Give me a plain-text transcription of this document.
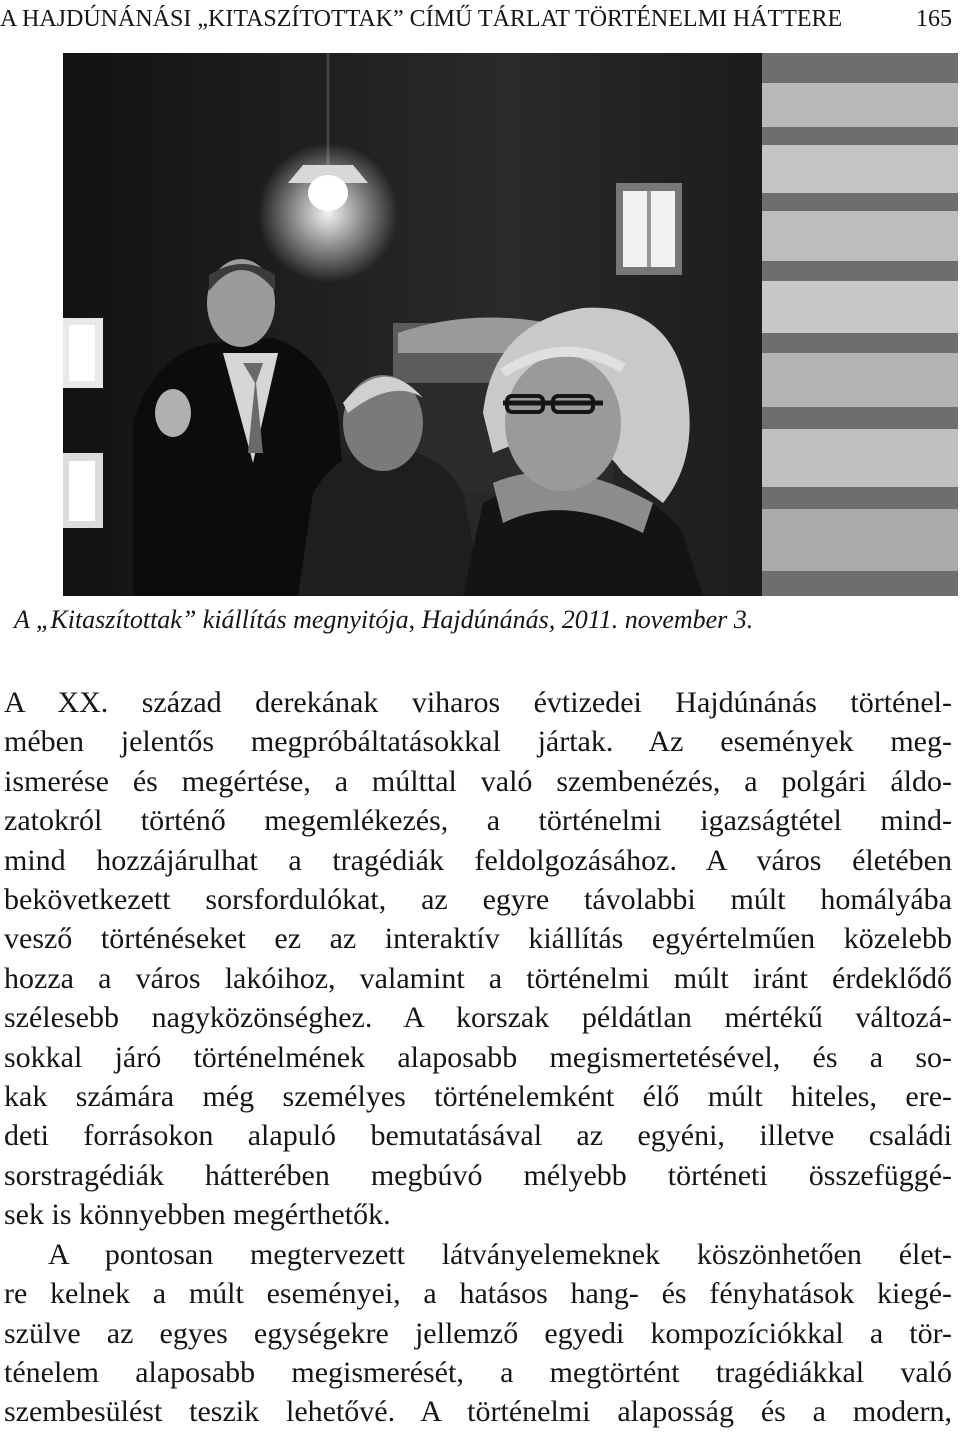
A HAJDÚNÁNÁSI „KITASZÍTOTTAK” CÍMŰ TÁRLAT TÖRTÉNELMI HÁTTERE	165
A „Kitaszítottak” kiállítás megnyitója, Hajdúnánás, 2011. november 3.

A XX. század derekának viharos évtizedei Hajdúnánás történel-

mében jelentős megpróbáltatásokkal jártak. Az események meg-

ismerése és megértése, a múlttal való szembenézés, a polgári áldo-

zatokról történő megemlékezés, a történelmi igazságtétel mind-

mind hozzájárulhat a tragédiák feldolgozásához. A város életében

bekövetkezett sorsfordulókat, az egyre távolabbi múlt homályába

vesző történéseket ez az interaktív kiállítás egyértelműen közelebb

hozza a város lakóihoz, valamint a történelmi múlt iránt érdeklődő

szélesebb nagyközönséghez. A korszak példátlan mértékű változá-

sokkal járó történelmének alaposabb megismertetésével, és a so-

kak számára még személyes történelemként élő múlt hiteles, ere-

deti forrásokon alapuló bemutatásával az egyéni, illetve családi

sorstragédiák hátterében megbúvó mélyebb történeti összefüggé-

sek is könnyebben megérthetők.

A pontosan megtervezett látványelemeknek köszönhetően élet-

re kelnek a múlt eseményei, a hatásos hang- és fényhatások kiegé-

szülve az egyes egységekre jellemző egyedi kompozíciókkal a tör-

ténelem alaposabb megismerését, a megtörtént tragédiákkal való

szembesülést teszik lehetővé. A történelmi alaposság és a modern,
